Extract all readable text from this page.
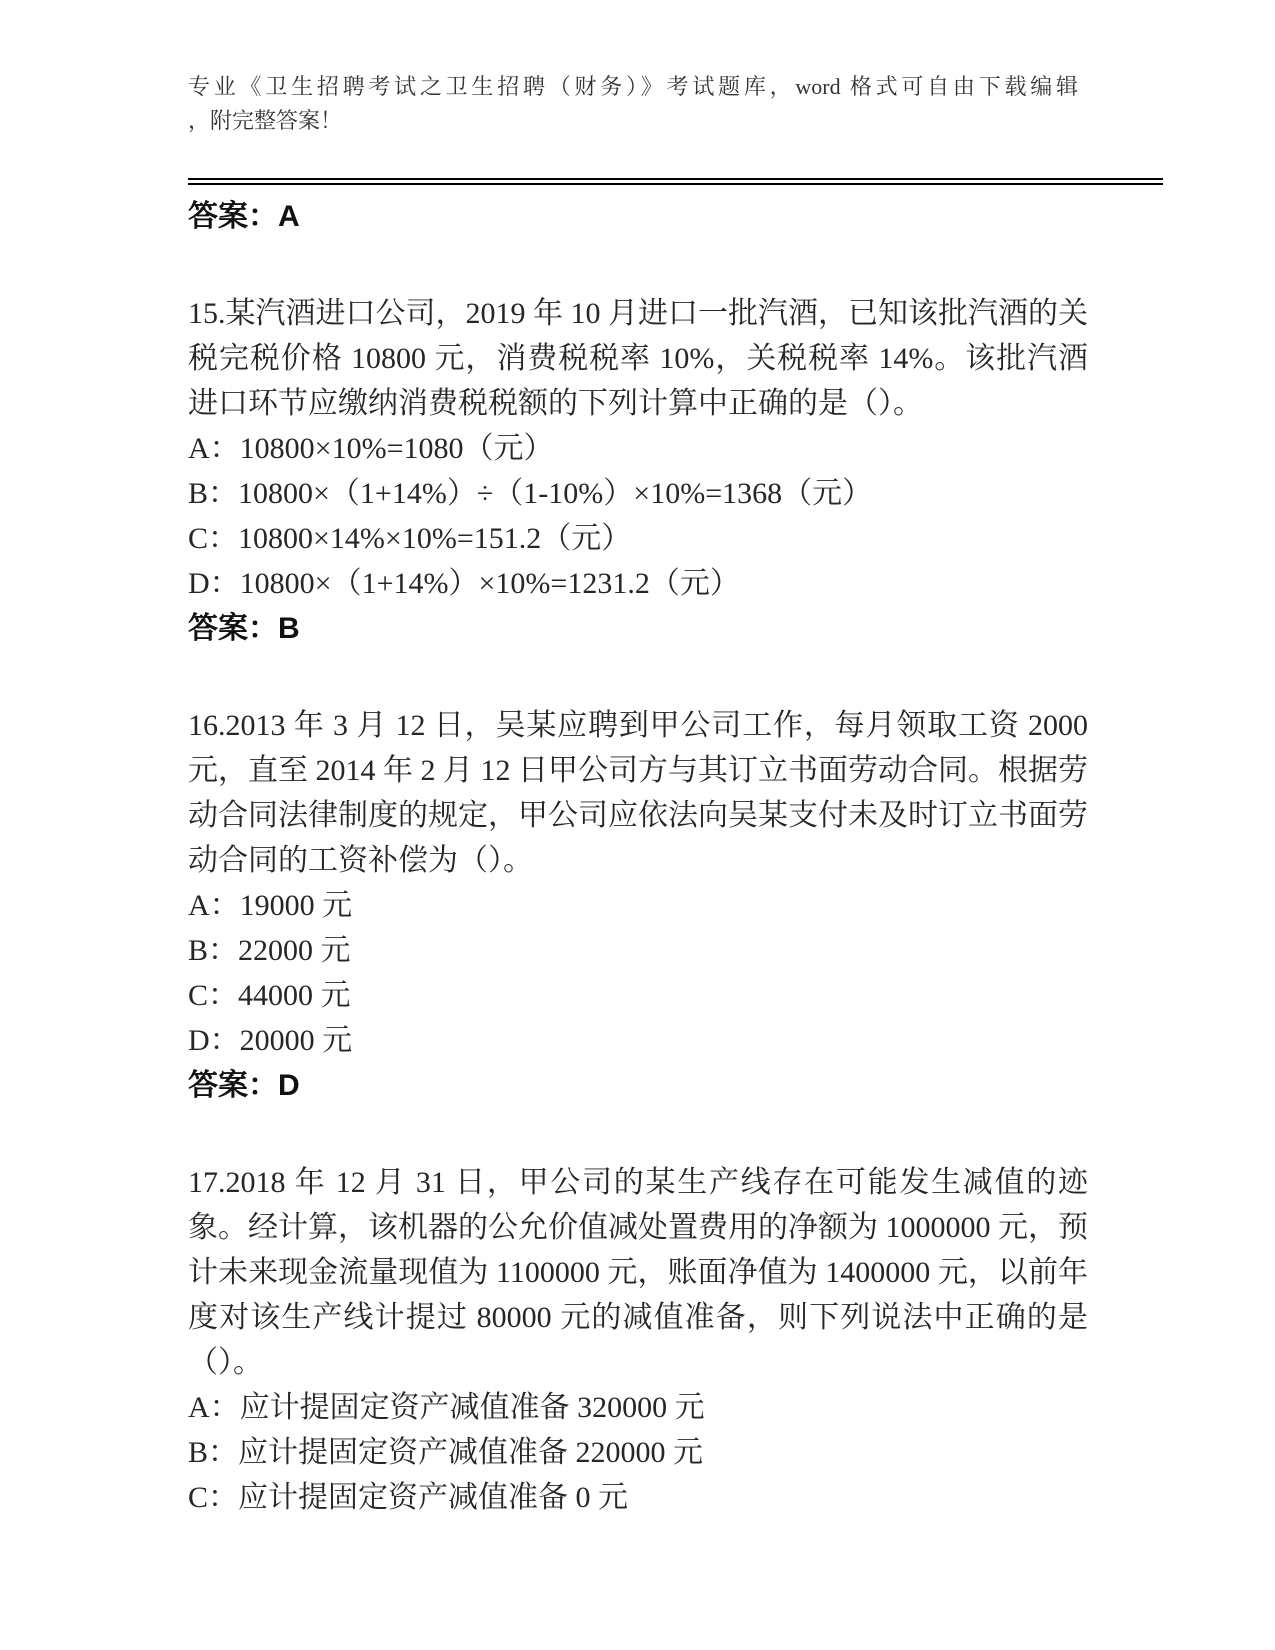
专业《卫生招聘考试之卫生招聘（财务）》考试题库，word 格式可自由下载编辑
，附完整答案！
答案：A
15.某汽酒进口公司，2019 年 10 月进口一批汽酒，已知该批汽酒的关税完税价格 10800 元，消费税税率 10%，关税税率 14%。该批汽酒进口环节应缴纳消费税税额的下列计算中正确的是（）。
A：10800×10%=1080（元）
B：10800×（1+14%）÷（1-10%）×10%=1368（元）
C：10800×14%×10%=151.2（元）
D：10800×（1+14%）×10%=1231.2（元）
答案：B
16.2013 年 3 月 12 日，吴某应聘到甲公司工作，每月领取工资 2000 元，直至 2014 年 2 月 12 日甲公司方与其订立书面劳动合同。根据劳动合同法律制度的规定，甲公司应依法向吴某支付未及时订立书面劳动合同的工资补偿为（）。
A：19000 元
B：22000 元
C：44000 元
D：20000 元
答案：D
17.2018 年 12 月 31 日，甲公司的某生产线存在可能发生减值的迹象。经计算，该机器的公允价值减处置费用的净额为 1000000 元，预计未来现金流量现值为 1100000 元，账面净值为 1400000 元，以前年度对该生产线计提过 80000 元的减值准备，则下列说法中正确的是（）。
A：应计提固定资产减值准备 320000 元
B：应计提固定资产减值准备 220000 元
C：应计提固定资产减值准备 0 元
